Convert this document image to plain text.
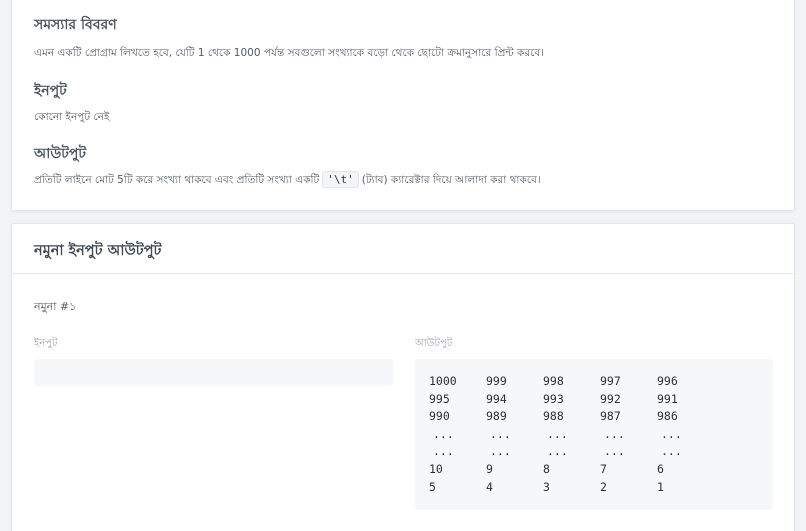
সমস্যার বিবরণ
এমন একটি প্রোগ্রাম লিখতে হবে, যেটি 1 থেকে 1000 পর্যন্ত সবগুলো সংখ্যাকে বড়ো থেকে ছোটো ক্রমানুসারে প্রিন্ট করবে।
ইনপুট
কোনো ইনপুট নেই
আউটপুট
প্রতিটি লাইনে মোট 5টি করে সংখ্যা থাকবে এবং প্রতিটি সংখ্যা একটি '\t' (ট্যাব) ক্যারেক্টার দিয়ে আলাদা করা থাকবে।
নমুনা ইনপুট আউটপুট
নমুনা #১
ইনপুট	আউটপুট
1000	999	998	997	996
995	994	993	992	991
990	989	988	987	986
...	...	...	...	...
...	...	...	...	...
10	9	8	7	6
5	4	3	2	1
